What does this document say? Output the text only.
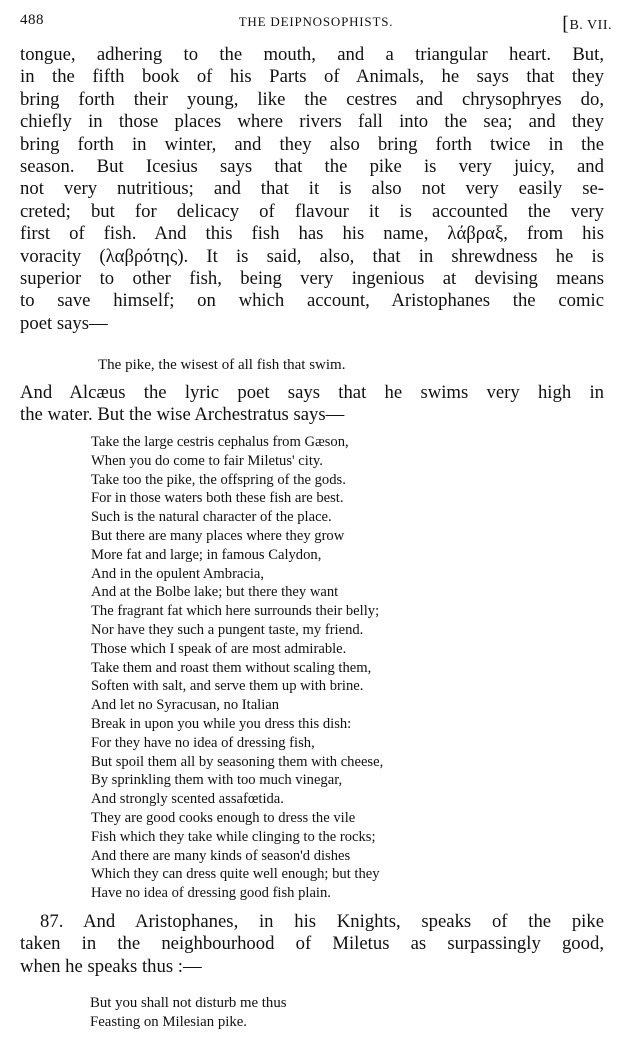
488	THE DEIPNOSOPHISTS.	[B. VII.
tongue, adhering to the mouth, and a triangular heart. But,
in the fifth book of his Parts of Animals, he says that they
bring forth their young, like the cestres and chrysophryes do,
chiefly in those places where rivers fall into the sea; and they
bring forth in winter, and they also bring forth twice in the
season. But Icesius says that the pike is very juicy, and
not very nutritious; and that it is also not very easily se-
creted; but for delicacy of flavour it is accounted the very
first of fish. And this fish has his name, λάβραξ, from his
voracity (λαβρότης). It is said, also, that in shrewdness he is
superior to other fish, being very ingenious at devising means
to save himself; on which account, Aristophanes the comic
poet says—
The pike, the wisest of all fish that swim.
And Alcæus the lyric poet says that he swims very high in
the water. But the wise Archestratus says—
Take the large cestris cephalus from Gæson,
When you do come to fair Miletus' city.
Take too the pike, the offspring of the gods.
For in those waters both these fish are best.
Such is the natural character of the place.
But there are many places where they grow
More fat and large; in famous Calydon,
And in the opulent Ambracia,
And at the Bolbe lake; but there they want
The fragrant fat which here surrounds their belly;
Nor have they such a pungent taste, my friend.
Those which I speak of are most admirable.
Take them and roast them without scaling them,
Soften with salt, and serve them up with brine.
And let no Syracusan, no Italian
Break in upon you while you dress this dish:
For they have no idea of dressing fish,
But spoil them all by seasoning them with cheese,
By sprinkling them with too much vinegar,
And strongly scented assafœtida.
They are good cooks enough to dress the vile
Fish which they take while clinging to the rocks;
And there are many kinds of season'd dishes
Which they can dress quite well enough; but they
Have no idea of dressing good fish plain.
87. And Aristophanes, in his Knights, speaks of the pike
taken in the neighbourhood of Miletus as surpassingly good,
when he speaks thus :—
But you shall not disturb me thus
Feasting on Milesian pike.
